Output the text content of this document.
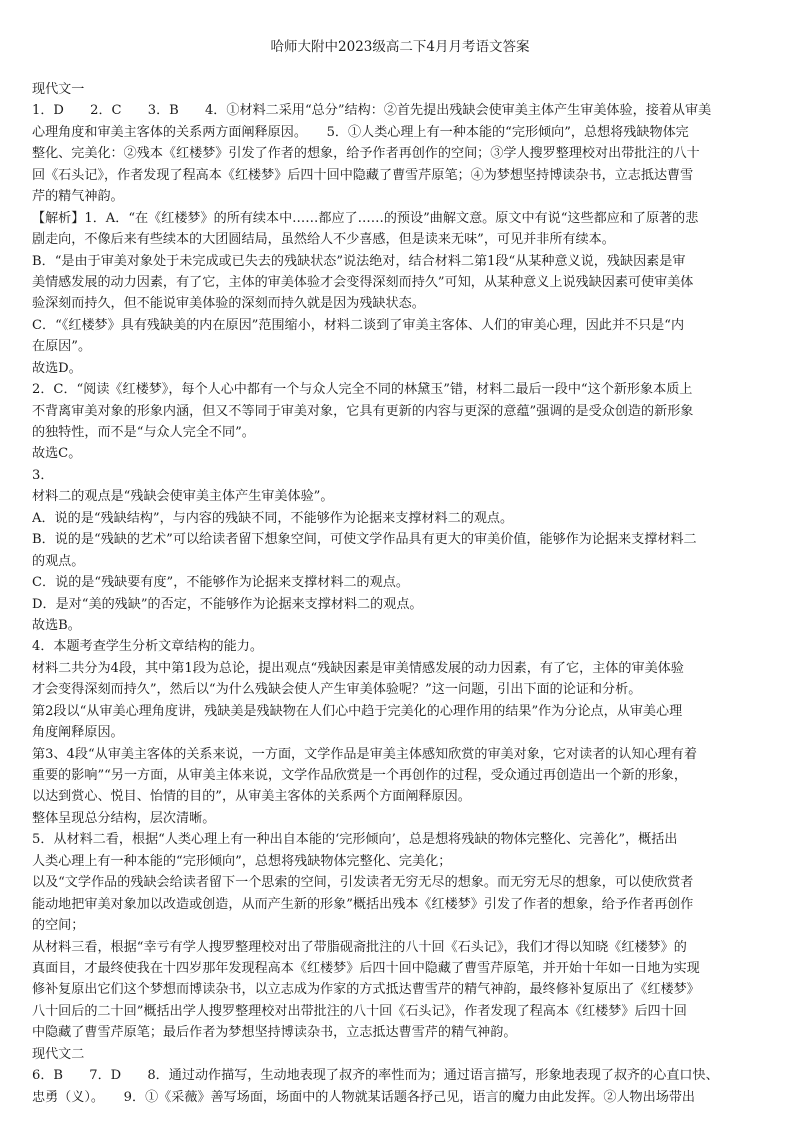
哈师大附中2023级高二下4月月考语文答案
现代文一
1．D　　2．C　　3．B　　4．①材料二采用“总分”结构：②首先提出残缺会使审美主体产生审美体验，接着从审美
心理角度和审美主客体的关系两方面阐释原因。　　5．①人类心理上有一种本能的“完形倾向”，总想将残缺物体完
整化、完美化：②残本《红楼梦》引发了作者的想象，给予作者再创作的空间；③学人搜罗整理校对出带批注的八十
回《石头记》，作者发现了程高本《红楼梦》后四十回中隐藏了曹雪芹原笔；④为梦想坚持博读杂书，立志抵达曹雪
芹的精气神韵。
【解析】1．A．“在《红楼梦》的所有续本中……都应了……的预设”曲解文意。原文中有说“这些都应和了原著的悲
剧走向，不像后来有些续本的大团圆结局，虽然给人不少喜感，但是读来无味”，可见并非所有续本。
B．“是由于审美对象处于未完成或已失去的残缺状态”说法绝对，结合材料二第1段“从某种意义说，残缺因素是审
美情感发展的动力因素，有了它，主体的审美体验才会变得深刻而持久”可知，从某种意义上说残缺因素可使审美体
验深刻而持久，但不能说审美体验的深刻而持久就是因为残缺状态。
C．“《红楼梦》具有残缺美的内在原因”范围缩小，材料二谈到了审美主客体、人们的审美心理，因此并不只是“内
在原因”。
故选D。
2．C．“阅读《红楼梦》，每个人心中都有一个与众人完全不同的林黛玉”错，材料二最后一段中“这个新形象本质上
不背离审美对象的形象内涵，但又不等同于审美对象，它具有更新的内容与更深的意蕴”强调的是受众创造的新形象
的独特性，而不是“与众人完全不同”。
故选C。
3．
材料二的观点是“残缺会使审美主体产生审美体验”。
A．说的是“残缺结构”，与内容的残缺不同，不能够作为论据来支撑材料二的观点。
B．说的是“残缺的艺术”可以给读者留下想象空间，可使文学作品具有更大的审美价值，能够作为论据来支撑材料二
的观点。
C．说的是“残缺要有度”，不能够作为论据来支撑材料二的观点。
D．是对“美的残缺”的否定，不能够作为论据来支撑材料二的观点。
故选B。
4．本题考查学生分析文章结构的能力。
材料二共分为4段，其中第1段为总论，提出观点“残缺因素是审美情感发展的动力因素，有了它，主体的审美体验
才会变得深刻而持久”，然后以“为什么残缺会使人产生审美体验呢？”这一问题，引出下面的论证和分析。
第2段以“从审美心理角度讲，残缺美是残缺物在人们心中趋于完美化的心理作用的结果”作为分论点，从审美心理
角度阐释原因。
第3、4段“从审美主客体的关系来说，一方面，文学作品是审美主体感知欣赏的审美对象，它对读者的认知心理有着
重要的影响”“另一方面，从审美主体来说，文学作品欣赏是一个再创作的过程，受众通过再创造出一个新的形象，
以达到赏心、悦目、怡情的目的”，从审美主客体的关系两个方面阐释原因。
整体呈现总分结构，层次清晰。
5．从材料二看，根据“人类心理上有一种出自本能的‘完形倾向’，总是想将残缺的物体完整化、完善化”，概括出
人类心理上有一种本能的“完形倾向”，总想将残缺物体完整化、完美化；
以及“文学作品的残缺会给读者留下一个思索的空间，引发读者无穷无尽的想象。而无穷无尽的想象，可以使欣赏者
能动地把审美对象加以改造或创造，从而产生新的形象”概括出残本《红楼梦》引发了作者的想象，给予作者再创作
的空间；
从材料三看，根据“幸亏有学人搜罗整理校对出了带脂砚斋批注的八十回《石头记》，我们才得以知晓《红楼梦》的
真面目，才最终使我在十四岁那年发现程高本《红楼梦》后四十回中隐藏了曹雪芹原笔，并开始十年如一日地为实现
修补复原出它们这个梦想而博读杂书，以立志成为作家的方式抵达曹雪芹的精气神韵，最终修补复原出了《红楼梦》
八十回后的二十回”概括出学人搜罗整理校对出带批注的八十回《石头记》，作者发现了程高本《红楼梦》后四十回
中隐藏了曹雪芹原笔；最后作者为梦想坚持博读杂书，立志抵达曹雪芹的精气神韵。
现代文二
6．B　　7．D　　8．通过动作描写，生动地表现了叔齐的率性而为；通过语言描写，形象地表现了叔齐的心直口快、
忠勇（义）。　　9．①《采薇》善写场面，场面中的人物就某话题各抒己见，语言的魔力由此发挥。②人物出场带出
